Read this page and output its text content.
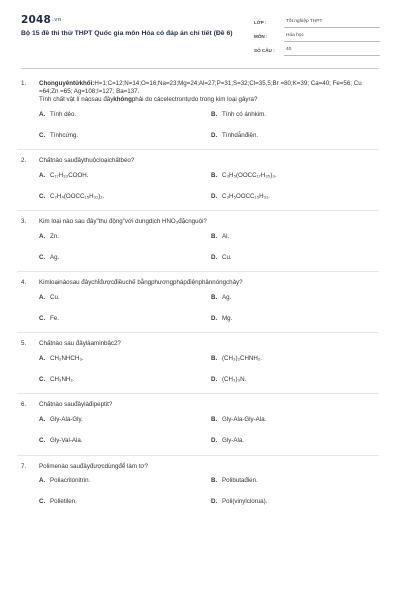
2048.vn
Bộ 15 đề thi thử THPT Quốc gia môn Hóa có đáp án chi tiết (Đề 6)
LỚP :	Tốt nghiệp THPT
MÔN :	Hóa học
SỐ CÂU :	40
1.	Chonguyêntửkhối:H=1;C=12;N=14;O=16;Na=23;Mg=24;Al=27;P=31;S=32;Cl=35,5;Br =80;K=39; Ca=40; Fe=56; Cu =64;Zn =65; Ag=108;I=127; Ba=137.
Tính chất vật lí nàosau đâykhôngphải do cácelectrontựdo trong kim loại gâyra?
A. Tính dẻo.	B. Tính có ánhkim.
C. Tínhcứng.	D. Tínhdẫnđiện.
2.	Chấtnào sauđâythuộcloạichấtbéo?
A. C₁₇H₃₃COOH.	B. C₃H₅(OOCC₁₇H₃₅)₃.
C. C₂H₄(OOCC₁₅H₃₁)₂.	D. C₃H₅OOCC₁₅H₃₁.
3.	Kim loại nào sau đây"thụ động"với dungdịch HNO₃đặcnguội?
A. Zn.	B. Al.
C. Ag.	D. Cu.
4.	Kimloạinàosau đâychỉđượcđiềuchế bằngphươngphápđiệnphânnóngchảy?
A. Cu.	B. Ag.
C. Fe.	D. Mg.
5.	Chấtnào sau đâylàaminbậc2?
A. CH₃NHCH₃.	B. (CH₃)₂CHNH₂.
C. CH₃NH₂.	D. (CH₃)₃N.
6.	Chấtnào sauđâylàđipeptit?
A. Gly-Ala-Gly.	B. Gly-Ala-Gly-Ala.
C. Gly-Val-Ala.	D. Gly-Ala.
7.	Polimenào sauđâyđượcdùngđể làm tơ?
A. Poliacrilonitrin.	B. Polibutađien.
C. Polietilen.	D. Poli(vinylclorua).
